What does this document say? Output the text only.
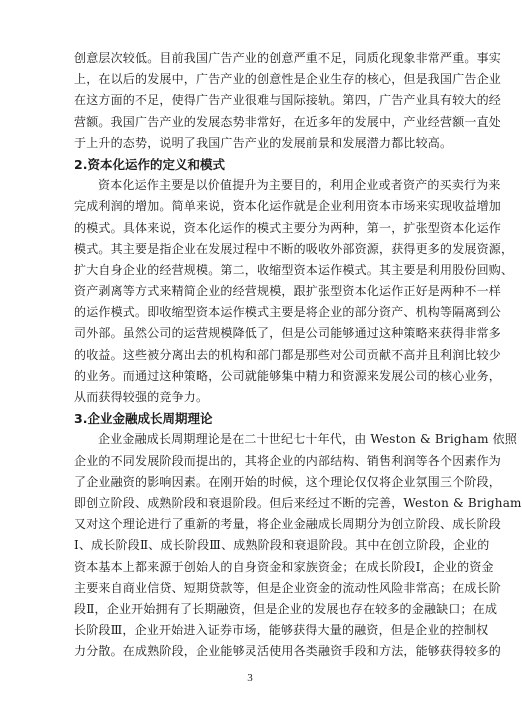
创意层次较低。目前我国广告产业的创意严重不足，同质化现象非常严重。事实
上，在以后的发展中，广告产业的创意性是企业生存的核心，但是我国广告企业
在这方面的不足，使得广告产业很难与国际接轨。第四，广告产业具有较大的经
营额。我国广告产业的发展态势非常好，在近多年的发展中，产业经营额一直处
于上升的态势，说明了我国广告产业的发展前景和发展潜力都比较高。
2.资本化运作的定义和模式
资本化运作主要是以价值提升为主要目的，利用企业或者资产的买卖行为来
完成利润的增加。简单来说，资本化运作就是企业利用资本市场来实现收益增加
的模式。具体来说，资本化运作的模式主要分为两种，第一，扩张型资本化运作
模式。其主要是指企业在发展过程中不断的吸收外部资源，获得更多的发展资源，
扩大自身企业的经营规模。第二，收缩型资本运作模式。其主要是利用股份回购、
资产剥离等方式来精简企业的经营规模，跟扩张型资本化运作正好是两种不一样
的运作模式。即收缩型资本运作模式主要是将企业的部分资产、机构等隔离到公
司外部。虽然公司的运营规模降低了，但是公司能够通过这种策略来获得非常多
的收益。这些被分离出去的机构和部门都是那些对公司贡献不高并且利润比较少
的业务。而通过这种策略，公司就能够集中精力和资源来发展公司的核心业务，
从而获得较强的竞争力。
3.企业金融成长周期理论
企业金融成长周期理论是在二十世纪七十年代，由 Weston & Brigham 依照
企业的不同发展阶段而提出的，其将企业的内部结构、销售利润等各个因素作为
了企业融资的影响因素。在刚开始的时候，这个理论仅仅将企业氛围三个阶段，
即创立阶段、成熟阶段和衰退阶段。但后来经过不断的完善，Weston & Brigham
又对这个理论进行了重新的考量，将企业金融成长周期分为创立阶段、成长阶段
Ⅰ、成长阶段Ⅱ、成长阶段Ⅲ、成熟阶段和衰退阶段。其中在创立阶段，企业的
资本基本上都来源于创始人的自身资金和家族资金；在成长阶段Ⅰ，企业的资金
主要来自商业信贷、短期贷款等，但是企业资金的流动性风险非常高；在成长阶
段Ⅱ，企业开始拥有了长期融资，但是企业的发展也存在较多的金融缺口；在成
长阶段Ⅲ，企业开始进入证券市场，能够获得大量的融资，但是企业的控制权
力分散。在成熟阶段，企业能够灵活使用各类融资手段和方法，能够获得较多的
3
